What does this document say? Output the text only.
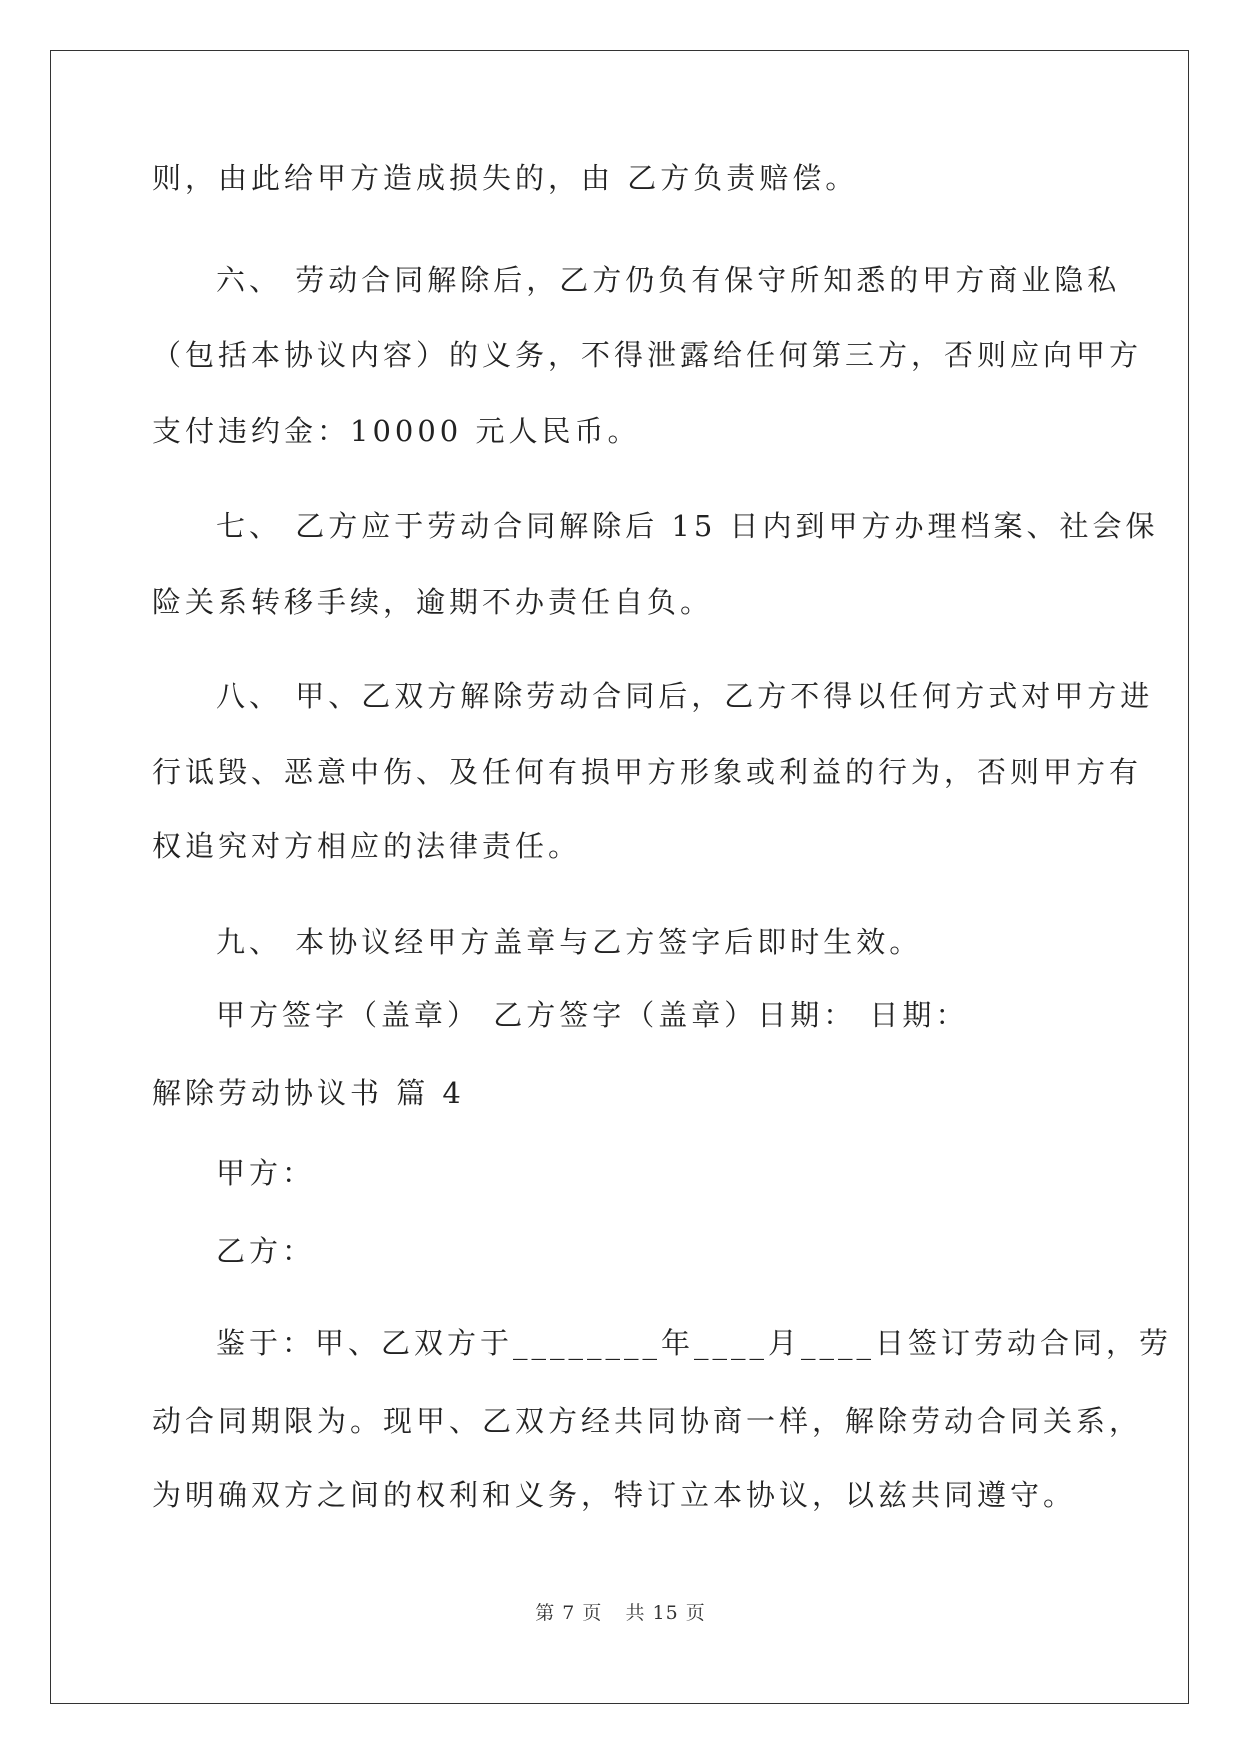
则，由此给甲方造成损失的，由 乙方负责赔偿。
六、 劳动合同解除后，乙方仍负有保守所知悉的甲方商业隐私
（包括本协议内容）的义务，不得泄露给任何第三方，否则应向甲方
支付违约金：10000 元人民币。
七、 乙方应于劳动合同解除后 15 日内到甲方办理档案、社会保
险关系转移手续，逾期不办责任自负。
八、 甲、乙双方解除劳动合同后，乙方不得以任何方式对甲方进
行诋毁、恶意中伤、及任何有损甲方形象或利益的行为，否则甲方有
权追究对方相应的法律责任。
九、 本协议经甲方盖章与乙方签字后即时生效。
甲方签字（盖章） 乙方签字（盖章）日期： 日期：
解除劳动协议书 篇 4
甲方：
乙方：
鉴于：甲、乙双方于________年____月____日签订劳动合同，劳
动合同期限为。现甲、乙双方经共同协商一样，解除劳动合同关系，
为明确双方之间的权利和义务，特订立本协议，以兹共同遵守。
第 7 页 共 15 页
